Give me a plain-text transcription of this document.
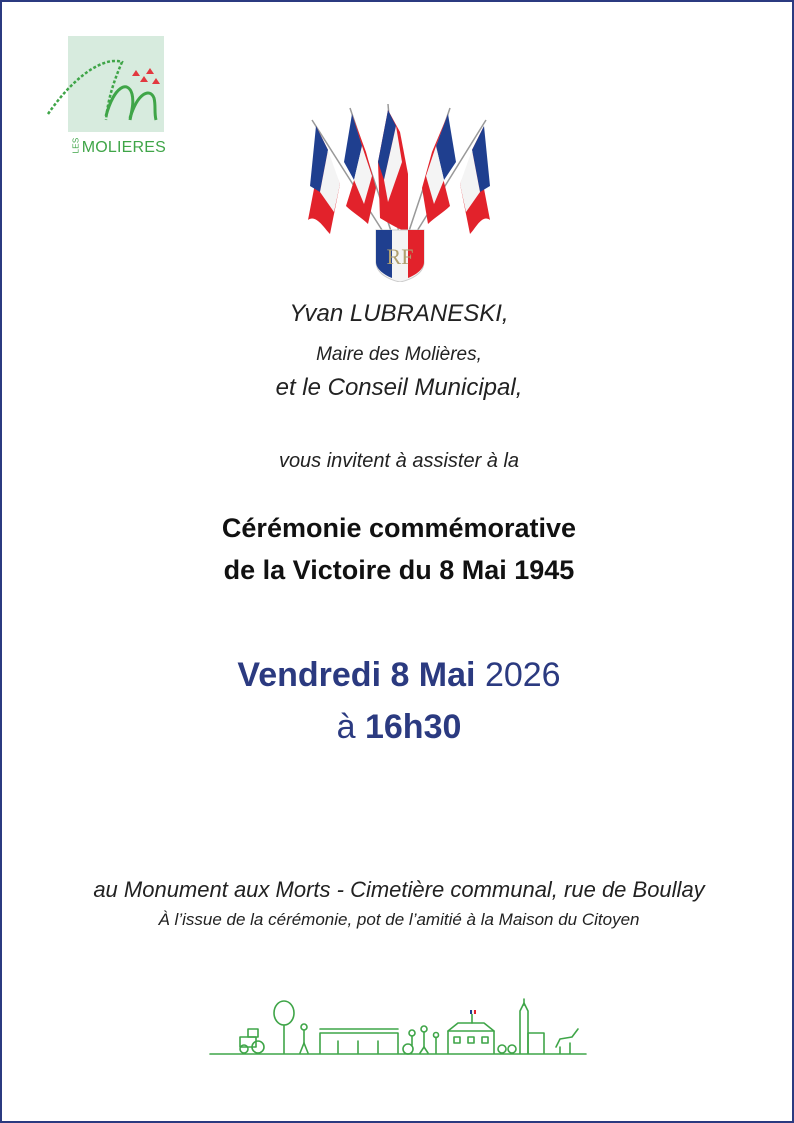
LESMOLIERES
RF
Yvan LUBRANESKI,
Maire des Molières,
et le Conseil Municipal,
vous invitent à assister à la
Cérémonie commémorative
de la Victoire du 8 Mai 1945
Vendredi 8 Mai 2026
à 16h30
au Monument aux Morts - Cimetière communal, rue de Boullay
À l’issue de la cérémonie, pot de l’amitié à la Maison du Citoyen
